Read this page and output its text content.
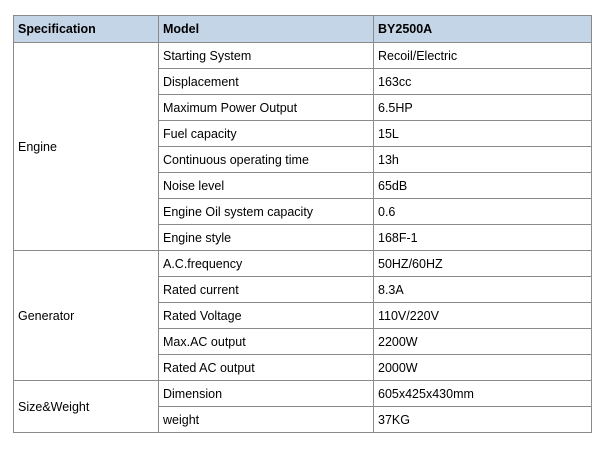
Specification	Model	BY2500A
Engine	Starting System	Recoil/Electric
	Displacement	163cc
	Maximum Power Output	6.5HP
	Fuel capacity	15L
	Continuous operating time	13h
	Noise level	65dB
	Engine Oil system capacity	0.6
	Engine style	168F-1
Generator	A.C.frequency	50HZ/60HZ
	Rated current	8.3A
	Rated Voltage	110V/220V
	Max.AC output	2200W
	Rated AC output	2000W
Size&Weight	Dimension	605x425x430mm
	weight	37KG
